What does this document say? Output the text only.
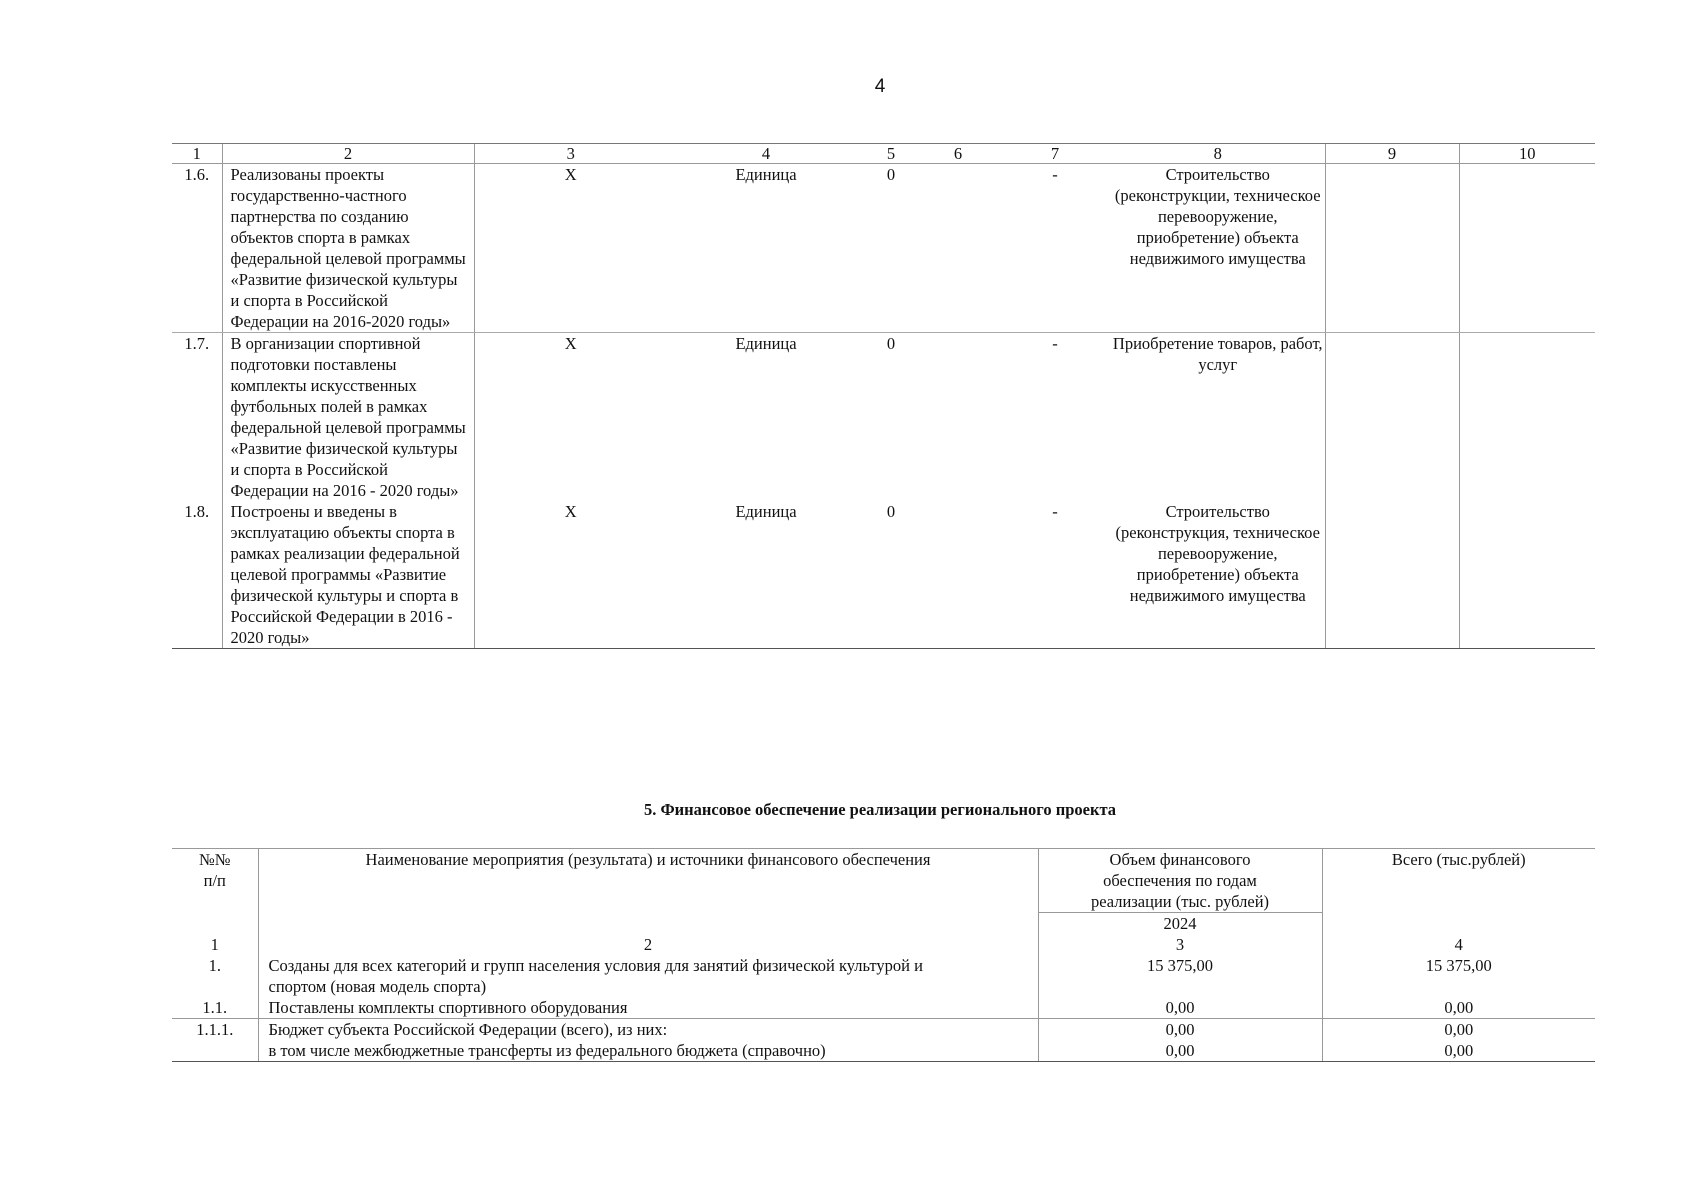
4
1	2	3	4	5	6	7	8	9	10
1.6.	Реализованы проекты государственно-частного партнерства по созданию объектов спорта в рамках федеральной целевой программы «Развитие физической культуры и спорта в Российской Федерации на 2016-2020 годы»	X	Единица	0		-	Строительство (реконструкции, техническое перевооружение, приобретение) объекта недвижимого имущества		
1.7.	В организации спортивной подготовки поставлены комплекты искусственных футбольных полей в рамках федеральной целевой программы «Развитие физической культуры и спорта в Российской Федерации на 2016 - 2020 годы»	X	Единица	0		-	Приобретение товаров, работ, услуг		
1.8.	Построены и введены в эксплуатацию объекты спорта в рамках реализации федеральной целевой программы «Развитие физической культуры и спорта в Российской Федерации в 2016 - 2020 годы»	X	Единица	0		-	Строительство (реконструкция, техническое перевооружение, приобретение) объекта недвижимого имущества		
5. Финансовое обеспечение реализации регионального проекта
№№ п/п	Наименование мероприятия (результата) и источники финансового обеспечения	Объем финансового обеспечения по годам реализации (тыс. рублей)	Всего (тыс.рублей)
		2024	
1	2	3	4
1.	Созданы для всех категорий и групп населения условия для занятий физической культурой и спортом (новая модель спорта)	15 375,00	15 375,00
1.1.	Поставлены комплекты спортивного оборудования	0,00	0,00
1.1.1.	Бюджет субъекта Российской Федерации (всего), из них:	0,00	0,00
	в том числе межбюджетные трансферты из федерального бюджета (справочно)	0,00	0,00
